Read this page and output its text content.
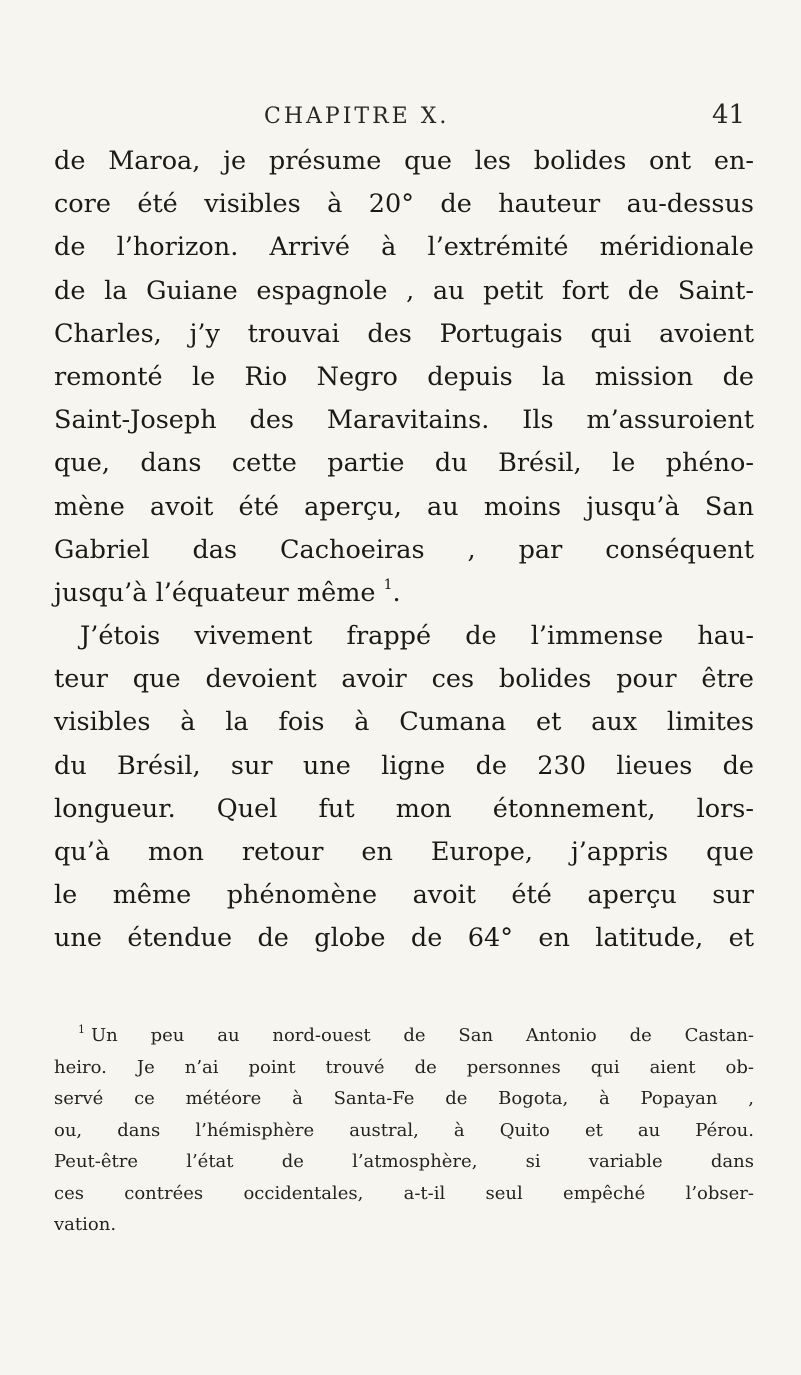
CHAPITRE X.	41
de Maroa, je présume que les bolides ont en-
core été visibles à 20° de hauteur au-dessus
de l’horizon. Arrivé à l’extrémité méridionale
de la Guiane espagnole , au petit fort de Saint-
Charles, j’y trouvai des Portugais qui avoient
remonté le Rio Negro depuis la mission de
Saint-Joseph des Maravitains. Ils m’assuroient
que, dans cette partie du Brésil, le phéno-
mène avoit été aperçu, au moins jusqu’à San
Gabriel das Cachoeiras , par conséquent
jusqu’à l’équateur même $^1$.
J’étois vivement frappé de l’immense hau-
teur que devoient avoir ces bolides pour être
visibles à la fois à Cumana et aux limites
du Brésil, sur une ligne de 230 lieues de
longueur. Quel fut mon étonnement, lors-
qu’à mon retour en Europe, j’appris que
le même phénomène avoit été aperçu sur
une étendue de globe de 64° en latitude, et
$^1$ Un peu au nord-ouest de San Antonio de Castan-
heiro. Je n’ai point trouvé de personnes qui aient ob-
servé ce météore à Santa-Fe de Bogota, à Popayan ,
ou, dans l’hémisphère austral, à Quito et au Pérou.
Peut-être l’état de l’atmosphère, si variable dans
ces contrées occidentales, a-t-il seul empêché l’obser-
vation.
